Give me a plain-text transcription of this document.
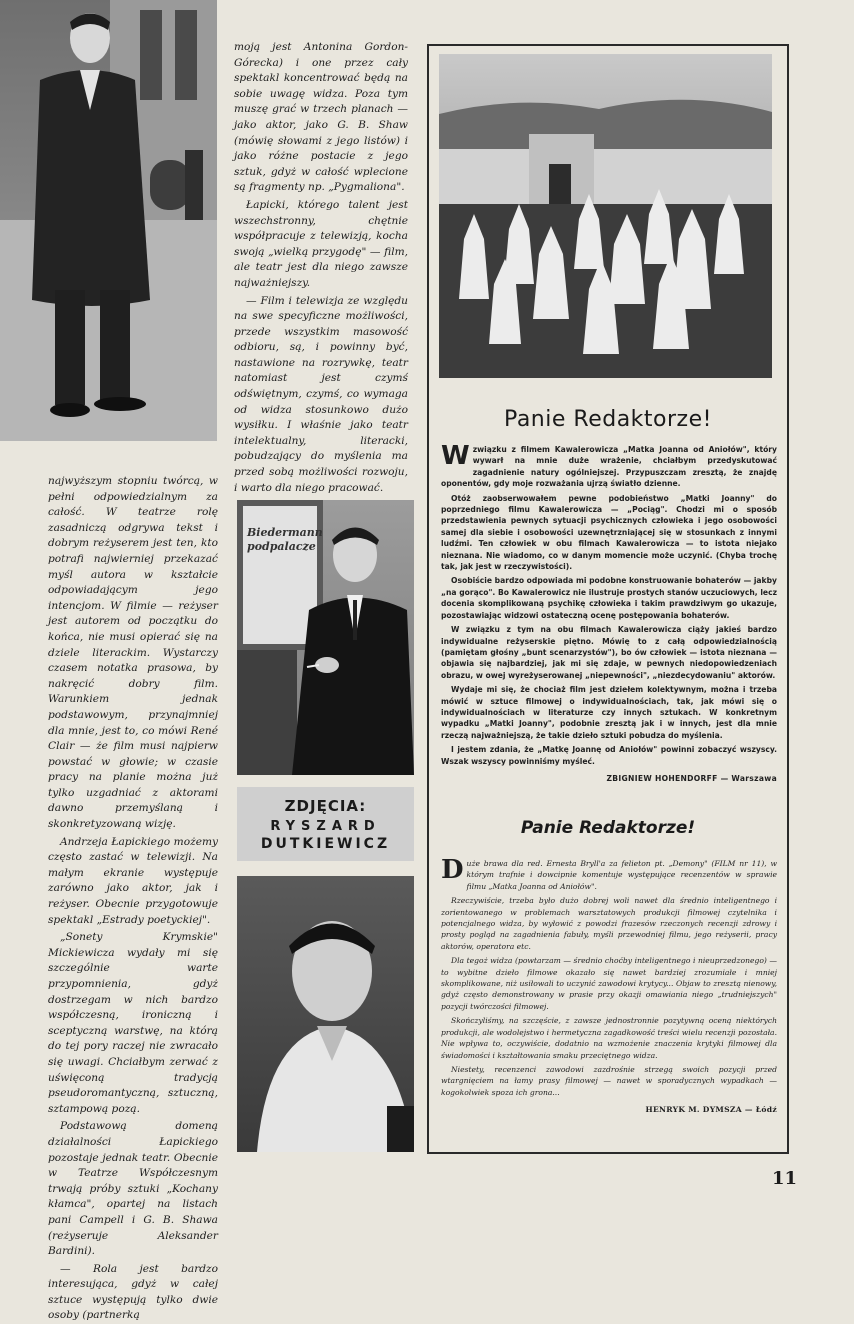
najwyższym stopniu twórcą, w pełni odpowiedzialnym za całość. W teatrze rolę zasadniczą odgrywa tekst i dobrym reżyserem jest ten, kto potrafi najwierniej przekazać myśl autora w kształcie odpowiadającym jego intencjom. W filmie — reżyser jest autorem od początku do końca, nie musi opierać się na dziele literackim. Wystarczy czasem notatka prasowa, by nakręcić dobry film. Warunkiem jednak podstawowym, przynajmniej dla mnie, jest to, co mówi René Clair — że film musi najpierw powstać w głowie; w czasie pracy na planie można już tylko uzgadniać z aktorami dawno przemyślaną i skonkretyzowaną wizję.

Andrzeja Łapickiego możemy często zastać w telewizji. Na małym ekranie występuje zarówno jako aktor, jak i reżyser. Obecnie przygotowuje spektakl „Estrady poetyckiej".

„Sonety Krymskie" Mickiewicza wydały mi się szczególnie warte przypomnienia, gdyż dostrzegam w nich bardzo współczesną, ironiczną i sceptyczną warstwę, na którą do tej pory raczej nie zwracało się uwagi. Chciałbym zerwać z uświęconą tradycją pseudoromantyczną, sztuczną, sztampową pozą.

Podstawową domeną działalności Łapickiego pozostaje jednak teatr. Obecnie w Teatrze Współczesnym trwają próby sztuki „Kochany kłamca", opartej na listach pani Campell i G. B. Shawa (reżyseruje Aleksander Bardini).

— Rola jest bardzo interesująca, gdyż w całej sztuce występują tylko dwie osoby (partnerką

moją jest Antonina Gordon-Górecka) i one przez cały spektakl koncentrować będą na sobie uwagę widza. Poza tym muszę grać w trzech planach — jako aktor, jako G. B. Shaw (mówię słowami z jego listów) i jako różne postacie z jego sztuk, gdyż w całość wplecione są fragmenty np. „Pygmaliona".

Łapicki, którego talent jest wszechstronny, chętnie współpracuje z telewizją, kocha swoją „wielką przygodę" — film, ale teatr jest dla niego zawsze najważniejszy.

— Film i telewizja ze względu na swe specyficzne możliwości, przede wszystkim masowość odbioru, są, i powinny być, nastawione na rozrywkę, teatr natomiast jest czymś odświętnym, czymś, co wymaga od widza stosunkowo dużo wysiłku. I właśnie jako teatr intelektualny, literacki, pobudzający do myślenia ma przed sobą możliwości rozwoju, i warto dla niego pracować.

Biedermann
podpalacze
ZDJĘCIA:
RYSZARD
DUTKIEWICZ
Panie Redaktorze!

Wzwiązku z filmem Kawalerowicza „Matka Joanna od Aniołów", który wywarł na mnie duże wrażenie, chciałbym przedyskutować zagadnienie natury ogólniejszej. Przypuszczam zresztą, że znajdę oponentów, gdy moje rozważania ujrzą światło dzienne.

Otóż zaobserwowałem pewne podobieństwo „Matki Joanny" do poprzedniego filmu Kawalerowicza — „Pociąg". Chodzi mi o sposób przedstawienia pewnych sytuacji psychicznych człowieka i jego osobowości samej dla siebie i osobowości uzewnętrzniającej się w stosunkach z innymi ludźmi. Ten człowiek w obu filmach Kawalerowicza — to istota niejako nieznana. Nie wiadomo, co w danym momencie może uczynić. (Chyba trochę tak, jak jest w rzeczywistości).

Osobiście bardzo odpowiada mi podobne konstruowanie bohaterów — jakby „na gorąco". Bo Kawalerowicz nie ilustruje prostych stanów uczuciowych, lecz docenia skomplikowaną psychikę człowieka i takim prawdziwym go ukazuje, pozostawiając widzowi ostateczną ocenę postępowania bohaterów.

W związku z tym na obu filmach Kawalerowicza ciąży jakieś bardzo indywidualne reżyserskie piętno. Mówię to z całą odpowiedzialnością (pamiętam głośny „bunt scenarzystów"), bo ów człowiek — istota nieznana — objawia się najbardziej, jak mi się zdaje, w pewnych niedopowiedzeniach obrazu, w owej wyreżyserowanej „niepewności", „niezdecydowaniu" aktorów.

Wydaje mi się, że chociaż film jest dziełem kolektywnym, można i trzeba mówić w sztuce filmowej o indywidualnościach, tak, jak mówi się o indywidualnościach w literaturze czy innych sztukach. W konkretnym wypadku „Matki Joanny", podobnie zresztą jak i w innych, jest dla mnie rzeczą najważniejszą, że takie dzieło sztuki pobudza do myślenia.

I jestem zdania, że „Matkę Joannę od Aniołów" powinni zobaczyć wszyscy. Wszak wszyscy powinniśmy myśleć.

ZBIGNIEW HOHENDORFF — Warszawa

Panie Redaktorze!

Duże brawa dla red. Ernesta Bryll'a za felieton pt. „Demony" (FILM nr 11), w którym trafnie i dowcipnie komentuje występujące recenzentów w sprawie filmu „Matka Joanna od Aniołów".

Rzeczywiście, trzeba było dużo dobrej woli nawet dla średnio inteligentnego i zorientowanego w problemach warsztatowych produkcji filmowej czytelnika i potencjalnego widza, by wyłowić z powodzi frazesów rzeczonych recenzji zdrowy i prosty pogląd na zagadnienia fabuły, myśli przewodniej filmu, jego reżyserii, pracy aktorów, operatora etc.

Dla tegoż widza (powtarzam — średnio choćby inteligentnego i nieuprzedzonego) — to wybitne dzieło filmowe okazało się nawet bardziej zrozumiałe i mniej skomplikowane, niż usiłowali to uczynić zawodowi krytycy... Objaw to zresztą nienowy, gdyż często demonstrowany w prasie przy okazji omawiania niego „trudniejszych" pozycji twórczości filmowej.

Skończyliśmy, na szczęście, z zawsze jednostronnie pozytywną oceną niektórych produkcji, ale wodolejstwo i hermetyczna zagadkowość treści wielu recenzji pozostała. Nie wpływa to, oczywiście, dodatnio na wzmożenie znaczenia krytyki filmowej dla świadomości i kształtowania smaku przeciętnego widza.

Niestety, recenzenci zawodowi zazdrośnie strzegą swoich pozycji przed wtargnięciem na łamy prasy filmowej — nawet w sporadycznych wypadkach — kogokolwiek spoza ich grona...

HENRYK M. DYMSZA — Łódź

11
